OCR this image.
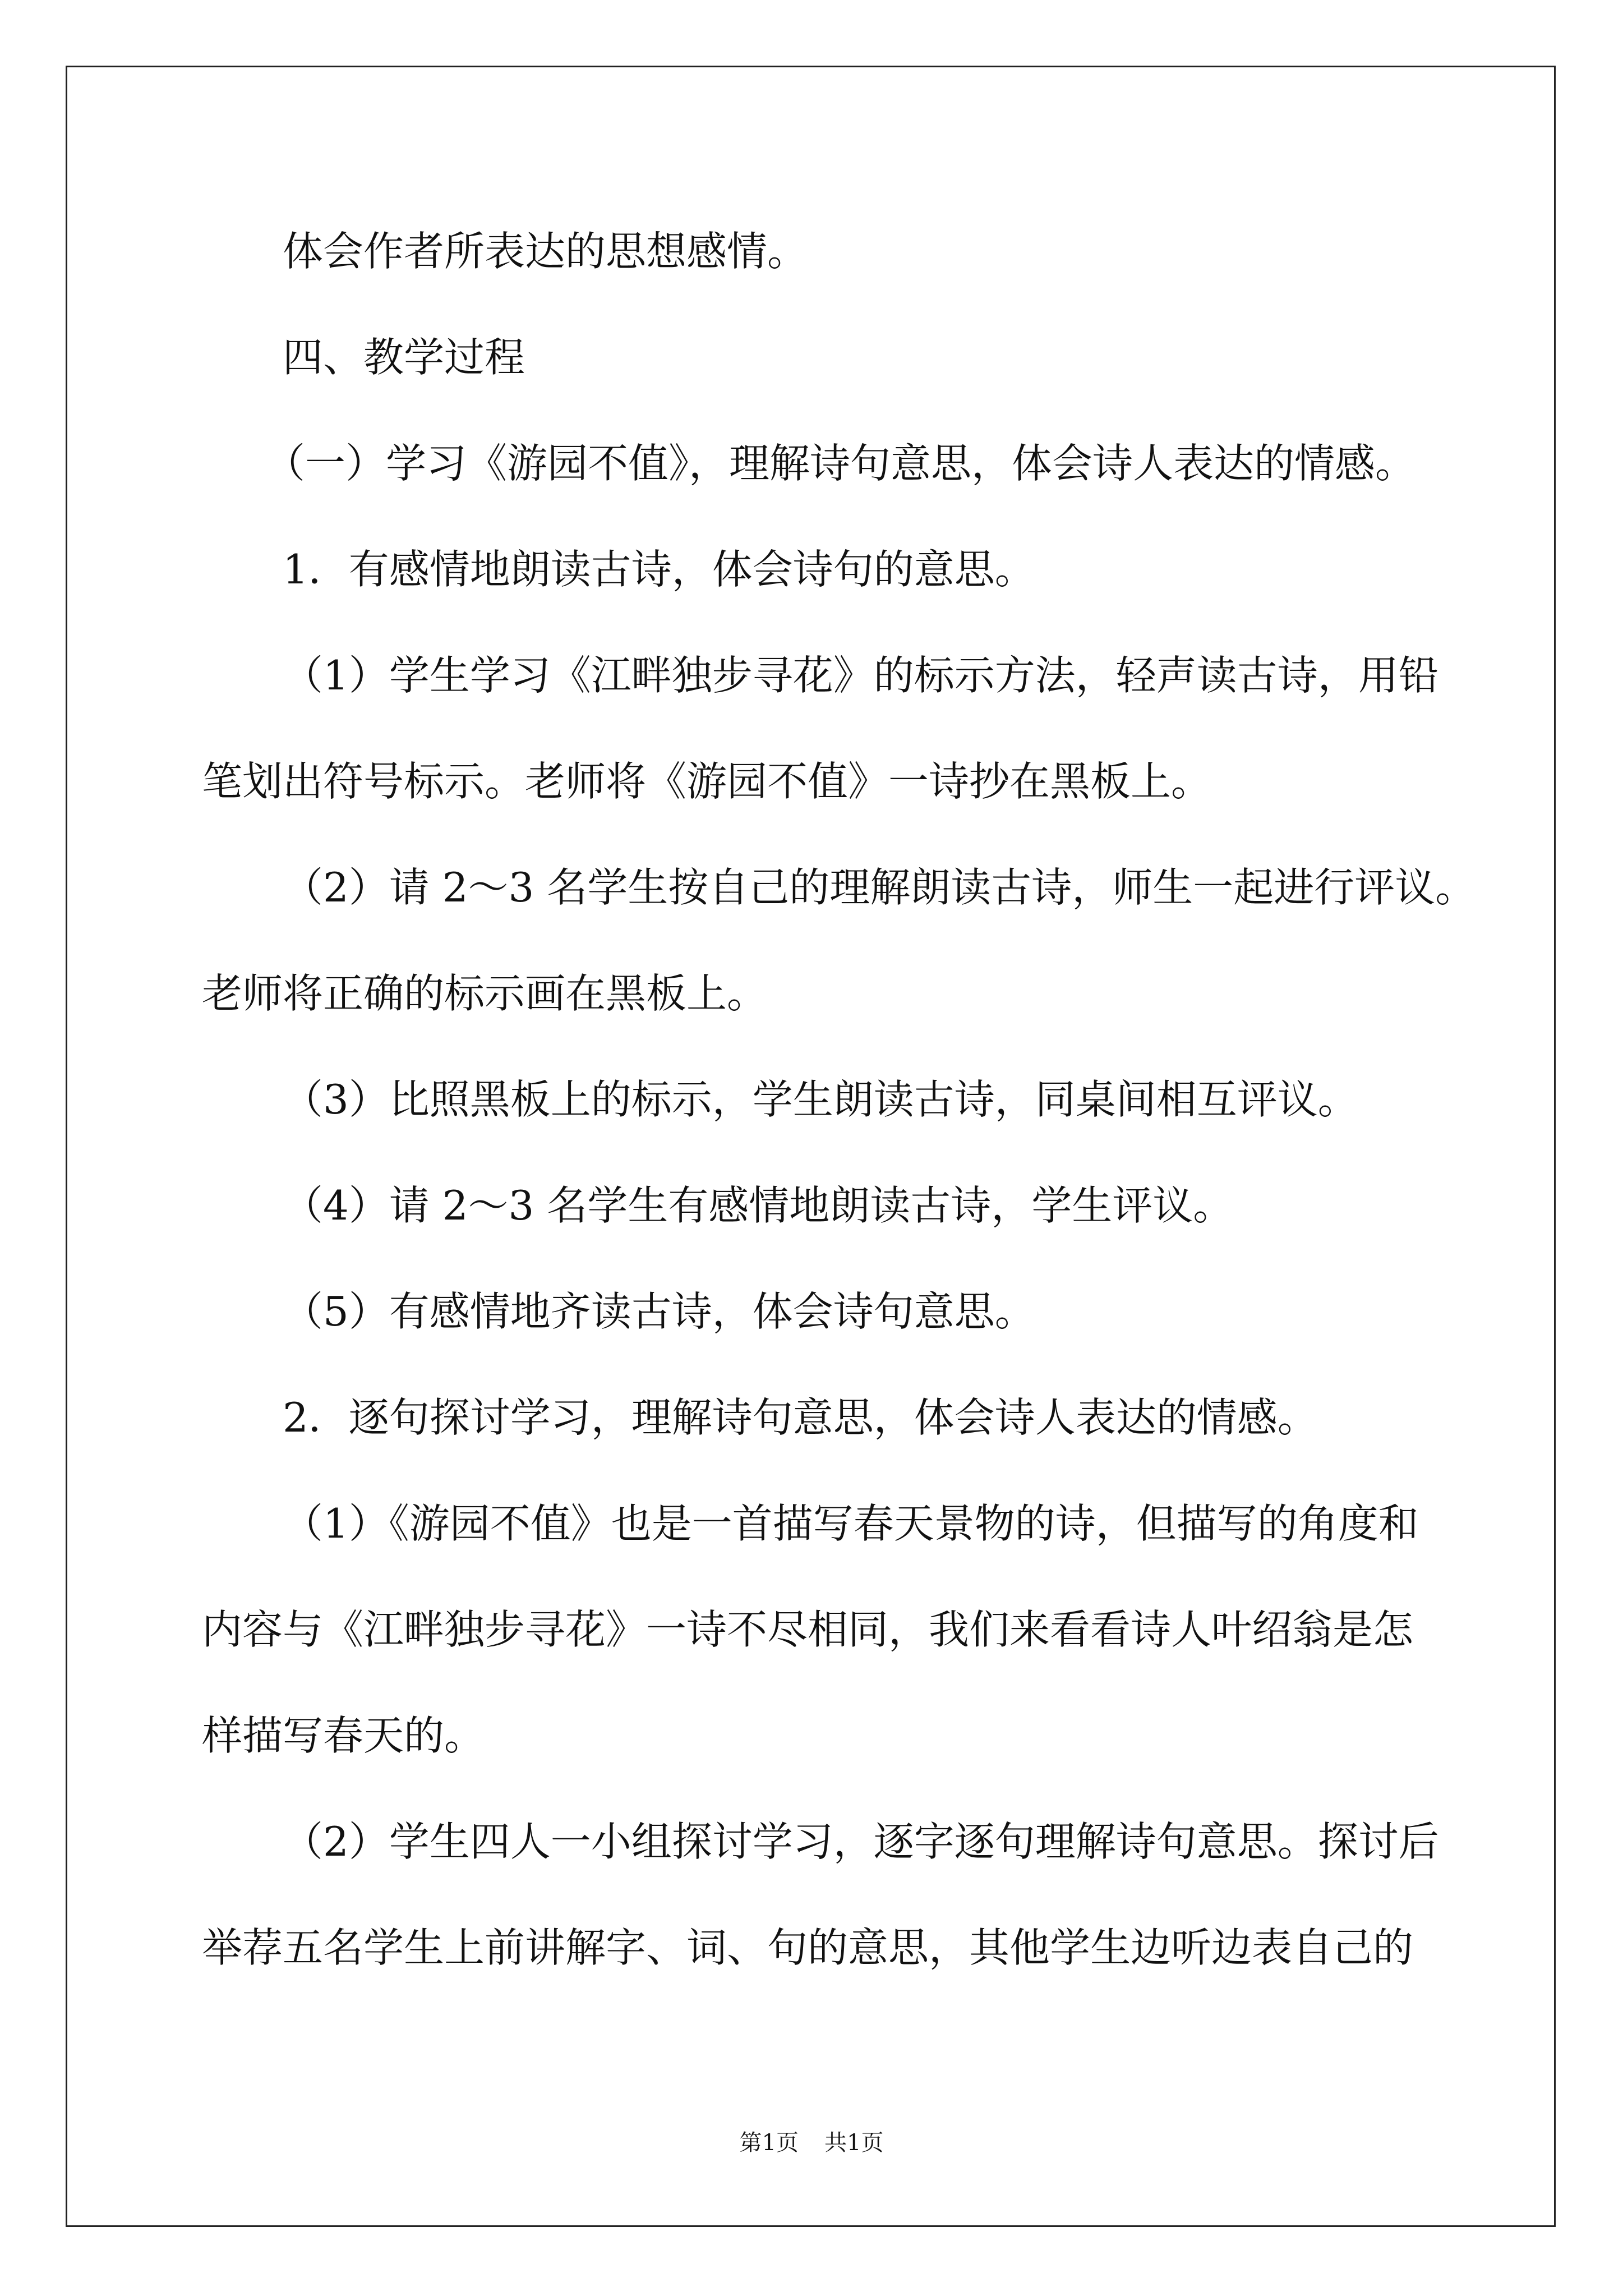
体会作者所表达的思想感情。
四、教学过程
（一）学习《游园不值》，理解诗句意思，体会诗人表达的情感。
1．有感情地朗读古诗，体会诗句的意思。
（1）学生学习《江畔独步寻花》的标示方法，轻声读古诗，用铅
笔划出符号标示。老师将《游园不值》一诗抄在黑板上。
（2）请 2～3 名学生按自己的理解朗读古诗，师生一起进行评议。
老师将正确的标示画在黑板上。
（3）比照黑板上的标示，学生朗读古诗，同桌间相互评议。
（4）请 2～3 名学生有感情地朗读古诗，学生评议。
（5）有感情地齐读古诗，体会诗句意思。
2．逐句探讨学习，理解诗句意思，体会诗人表达的情感。
（1）《游园不值》也是一首描写春天景物的诗，但描写的角度和
内容与《江畔独步寻花》一诗不尽相同，我们来看看诗人叶绍翁是怎
样描写春天的。
（2）学生四人一小组探讨学习，逐字逐句理解诗句意思。探讨后
举荐五名学生上前讲解字、词、句的意思，其他学生边听边表自己的
第1页 共1页
